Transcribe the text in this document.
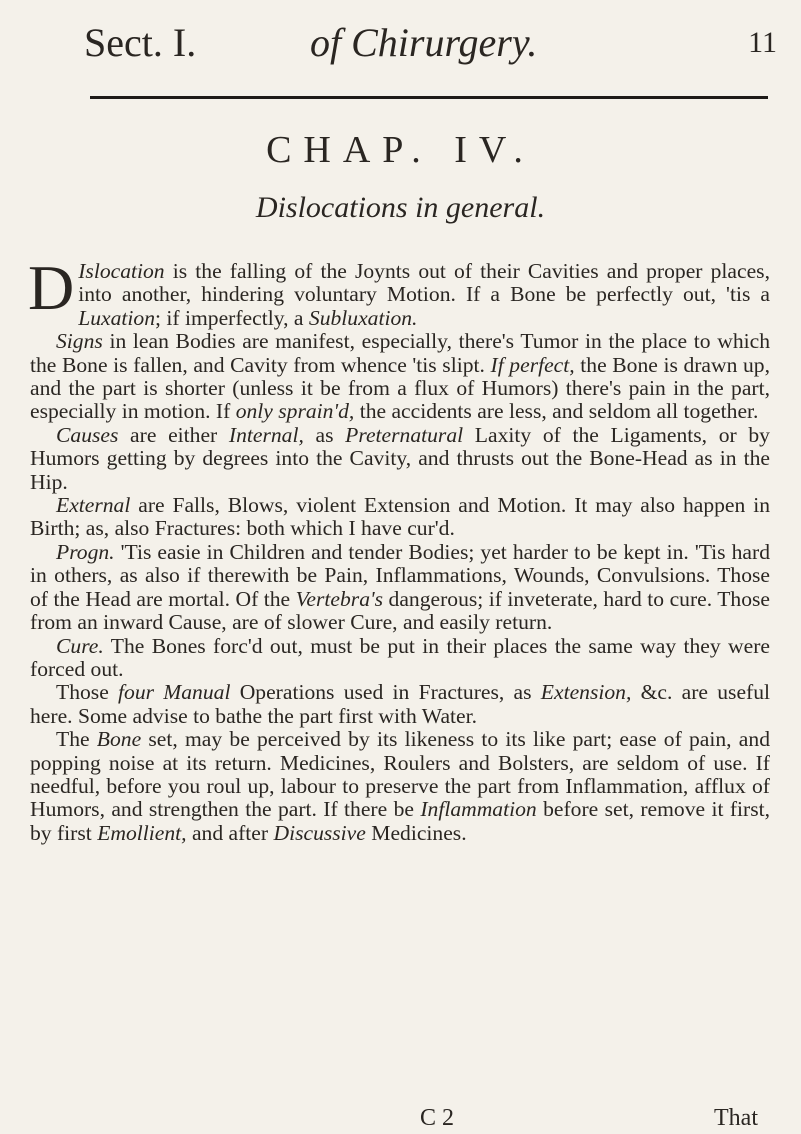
Sect. I.	of Chirurgery.	11
CHAP. IV.
Dislocations in general.

D Islocation is the falling of the Joynts out of their Cavities and proper places, into another, hindering voluntary Motion. If a Bone be perfectly out, 'tis a Luxation; if imperfectly, a Subluxation.

Signs in lean Bodies are manifest, especially, there's Tumor in the place to which the Bone is fallen, and Cavity from whence 'tis slipt. If perfect, the Bone is drawn up, and the part is shorter (unless it be from a flux of Humors) there's pain in the part, especially in motion. If only sprain'd, the accidents are less, and seldom all together.

Causes are either Internal, as Preternatural Laxity of the Ligaments, or by Humors getting by degrees into the Cavity, and thrusts out the Bone-Head as in the Hip.

External are Falls, Blows, violent Extension and Motion. It may also happen in Birth; as, also Fractures: both which I have cur'd.

Progn. 'Tis easie in Children and tender Bodies; yet harder to be kept in. 'Tis hard in others, as also if therewith be Pain, Inflammations, Wounds, Convulsions. Those of the Head are mortal. Of the Vertebra's dangerous; if inveterate, hard to cure. Those from an inward Cause, are of slower Cure, and easily return.

Cure. The Bones forc'd out, must be put in their places the same way they were forced out.

Those four Manual Operations used in Fractures, as Extension, &c. are useful here. Some advise to bathe the part first with Water.

The Bone set, may be perceived by its likeness to its like part; ease of pain, and popping noise at its return. Medicines, Roulers and Bolsters, are seldom of use. If needful, before you roul up, labour to preserve the part from Inflammation, afflux of Humors, and strengthen the part. If there be Inflammation before set, remove it first, by first Emollient, and after Discussive Medicines.

C 2	That
